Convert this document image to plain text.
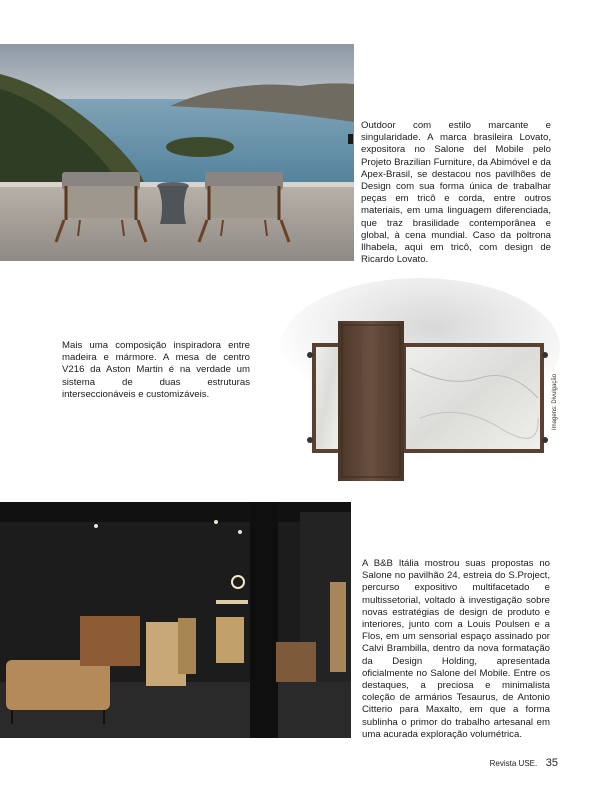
Outdoor com estilo marcante e singularidade. A marca brasileira Lovato, expositora no Salone del Mobile pelo Projeto Brazilian Furniture, da Abimóvel e da Apex-Brasil, se destacou nos pavilhões de Design com sua forma única de trabalhar peças em tricô e corda, entre outros materiais, em uma linguagem diferenciada, que traz brasilidade contemporânea e global, à cena mundial. Caso da poltrona Ilhabela, aqui em tricô, com design de Ricardo Lovato.

Imagens: Divulgação

Mais uma composição inspiradora entre madeira e mármore. A mesa de centro V216 da Aston Martin é na verdade um sistema de duas estruturas interseccionáveis e customizáveis.

A B&B Itália mostrou suas propostas no Salone no pavilhão 24, estreia do S.Project, percurso expositivo multifacetado e multissetorial, voltado à investigação sobre novas estratégias de design de produto e interiores, junto com a Louis Poulsen e a Flos, em um sensorial espaço assinado por Calvi Brambilla, dentro da nova formatação da Design Holding, apresentada oficialmente no Salone del Mobile. Entre os destaques, a preciosa e minimalista coleção de armários Tesaurus, de Antonio Citterio para Maxalto, em que a forma sublinha o primor do trabalho artesanal em uma acurada exploração volumétrica.

Revista USE. 35
